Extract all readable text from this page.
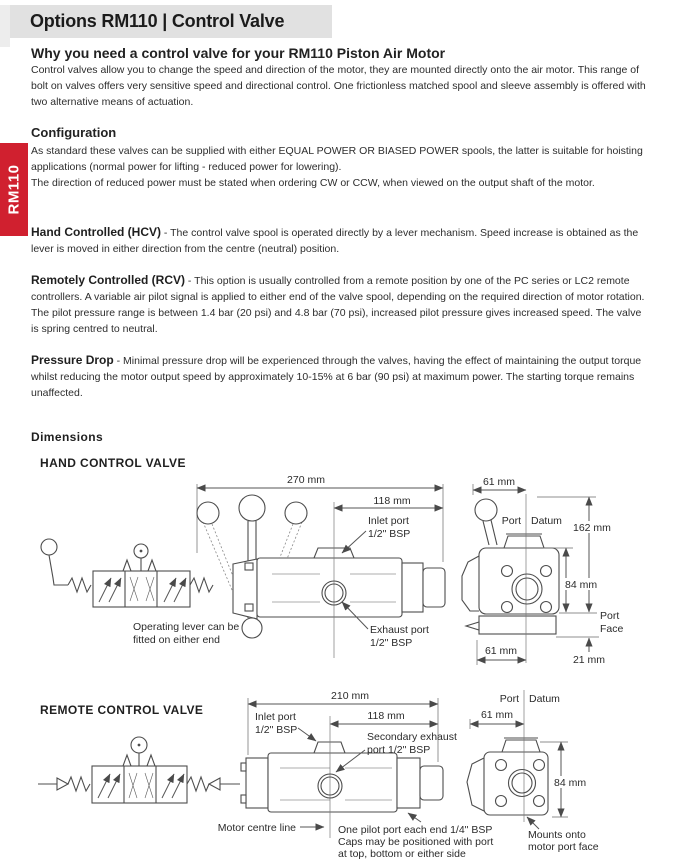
Options RM110 | Control Valve
RM110
Why you need a control valve for your RM110 Piston Air Motor
Control valves allow you to change the speed and direction of the motor, they are mounted directly onto the air motor. This range of bolt on valves offers very sensitive speed and directional control. One frictionless matched spool and sleeve assembly is offered with two alternative means of actuation.
Configuration
As standard these valves can be supplied with either EQUAL POWER OR BIASED POWER spools, the latter is suitable for hoisting applications (normal power for lifting - reduced power for lowering).
The direction of reduced power must be stated when ordering CW or CCW, when viewed on the output shaft of the motor.
Hand Controlled (HCV) - The control valve spool is operated directly by a lever mechanism. Speed increase is obtained as the lever is moved in either direction from the centre (neutral) position.
Remotely Controlled (RCV) - This option is usually controlled from a remote position by one of the PC series or LC2 remote controllers. A variable air pilot signal is applied to either end of the valve spool, depending on the required direction of motor rotation. The pilot pressure range is between 1.4 bar (20 psi) and 4.8 bar (70 psi), increased pilot pressure gives increased speed. The valve is spring centred to neutral.
Pressure Drop - Minimal pressure drop will be experienced through the valves, having the effect of maintaining the output torque whilst reducing the motor output speed by approximately 10-15% at 6 bar (90 psi) at maximum power. The starting torque remains unaffected.
Dimensions
HAND CONTROL VALVE
REMOTE CONTROL VALVE
270 mm
118 mm
Inlet port
1/2" BSP
Exhaust port
1/2" BSP
Operating lever can be
fitted on either end
61 mm
Port Datum
162 mm
84 mm
Port
Face
61 mm
21 mm
210 mm
118 mm
Inlet port
1/2" BSP
Secondary exhaust
port 1/2" BSP
Motor centre line	One pilot port each end 1/4" BSP
Caps may be positioned with port
at top, bottom or either side
Port Datum
61 mm
84 mm
Mounts onto
motor port face
